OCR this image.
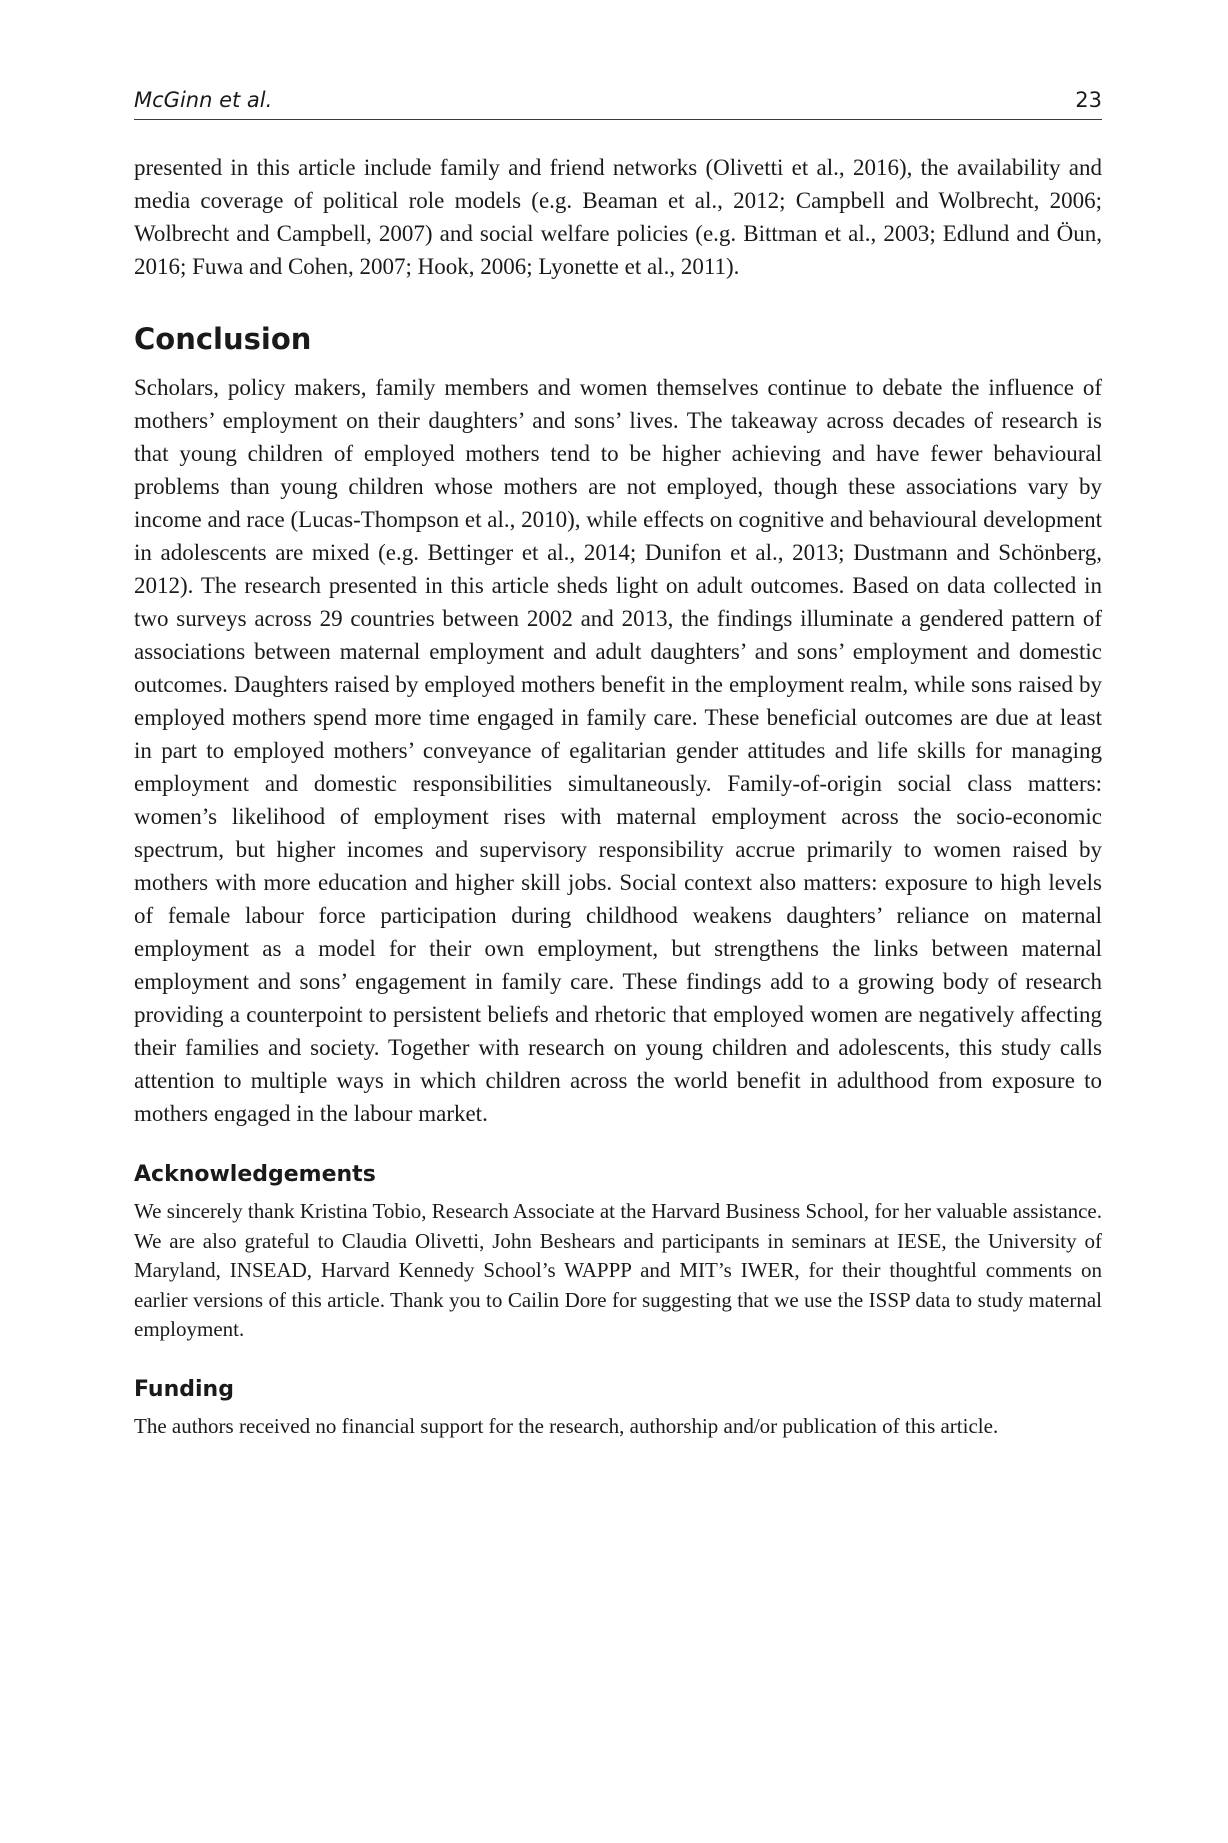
McGinn et al.	23

presented in this article include family and friend networks (Olivetti et al., 2016), the availability and media coverage of political role models (e.g. Beaman et al., 2012; Campbell and Wolbrecht, 2006; Wolbrecht and Campbell, 2007) and social welfare policies (e.g. Bittman et al., 2003; Edlund and Öun, 2016; Fuwa and Cohen, 2007; Hook, 2006; Lyonette et al., 2011).

Conclusion

Scholars, policy makers, family members and women themselves continue to debate the influence of mothers’ employment on their daughters’ and sons’ lives. The takeaway across decades of research is that young children of employed mothers tend to be higher achieving and have fewer behavioural problems than young children whose mothers are not employed, though these associations vary by income and race (Lucas-Thompson et al., 2010), while effects on cognitive and behavioural development in adolescents are mixed (e.g. Bettinger et al., 2014; Dunifon et al., 2013; Dustmann and Schönberg, 2012). The research presented in this article sheds light on adult outcomes. Based on data collected in two surveys across 29 countries between 2002 and 2013, the findings illuminate a gendered pattern of associations between maternal employment and adult daughters’ and sons’ employment and domestic outcomes. Daughters raised by employed mothers benefit in the employment realm, while sons raised by employed mothers spend more time engaged in family care. These beneficial outcomes are due at least in part to employed mothers’ conveyance of egalitarian gender attitudes and life skills for managing employment and domestic responsibilities simultaneously. Family-of-origin social class matters: women’s likelihood of employment rises with maternal employment across the socio-economic spectrum, but higher incomes and supervisory responsibility accrue primarily to women raised by mothers with more education and higher skill jobs. Social context also matters: exposure to high levels of female labour force participation during childhood weakens daughters’ reliance on maternal employment as a model for their own employment, but strengthens the links between maternal employment and sons’ engagement in family care. These findings add to a growing body of research providing a counterpoint to persistent beliefs and rhetoric that employed women are negatively affecting their families and society. Together with research on young children and adolescents, this study calls attention to multiple ways in which children across the world benefit in adulthood from exposure to mothers engaged in the labour market.

Acknowledgements

We sincerely thank Kristina Tobio, Research Associate at the Harvard Business School, for her valuable assistance. We are also grateful to Claudia Olivetti, John Beshears and participants in seminars at IESE, the University of Maryland, INSEAD, Harvard Kennedy School’s WAPPP and MIT’s IWER, for their thoughtful comments on earlier versions of this article. Thank you to Cailin Dore for suggesting that we use the ISSP data to study maternal employment.

Funding

The authors received no financial support for the research, authorship and/or publication of this article.
